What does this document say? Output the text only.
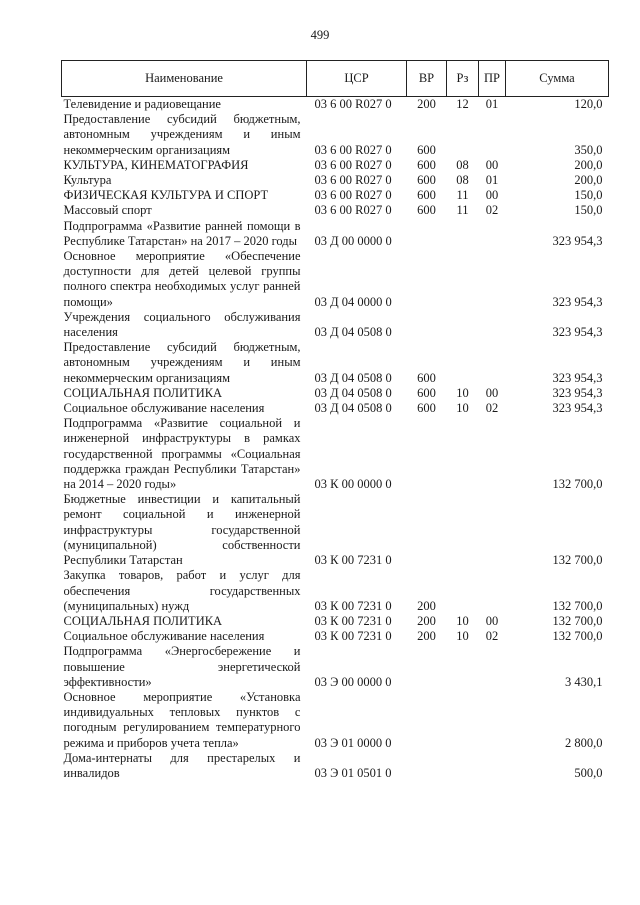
499
Наименование	ЦСР	ВР	Рз	ПР	Сумма
Телевидение и радиовещание	03 6 00 R027 0	200	12	01	120,0
Предоставление субсидий бюджетным, автономным учреждениям и иным некоммерческим организациям	03 6 00 R027 0	600			350,0
КУЛЬТУРА, КИНЕМАТОГРАФИЯ	03 6 00 R027 0	600	08	00	200,0
Культура	03 6 00 R027 0	600	08	01	200,0
ФИЗИЧЕСКАЯ КУЛЬТУРА И СПОРТ	03 6 00 R027 0	600	11	00	150,0
Массовый спорт	03 6 00 R027 0	600	11	02	150,0
Подпрограмма «Развитие ранней помощи в Республике Татарстан» на 2017 – 2020 годы	03 Д 00 0000 0				323 954,3
Основное мероприятие «Обеспечение доступности для детей целевой группы полного спектра необходимых услуг ранней помощи»	03 Д 04 0000 0				323 954,3
Учреждения социального обслуживания населения	03 Д 04 0508 0				323 954,3
Предоставление субсидий бюджетным, автономным учреждениям и иным некоммерческим организациям	03 Д 04 0508 0	600			323 954,3
СОЦИАЛЬНАЯ ПОЛИТИКА	03 Д 04 0508 0	600	10	00	323 954,3
Социальное обслуживание населения	03 Д 04 0508 0	600	10	02	323 954,3
Подпрограмма «Развитие социальной и инженерной инфраструктуры в рамках государственной программы «Социальная поддержка граждан Республики Татарстан» на 2014 – 2020 годы»	03 К 00 0000 0				132 700,0
Бюджетные инвестиции и капитальный ремонт социальной и инженерной инфраструктуры государственной (муниципальной) собственности Республики Татарстан	03 К 00 7231 0				132 700,0
Закупка товаров, работ и услуг для обеспечения государственных (муниципальных) нужд	03 К 00 7231 0	200			132 700,0
СОЦИАЛЬНАЯ ПОЛИТИКА	03 К 00 7231 0	200	10	00	132 700,0
Социальное обслуживание населения	03 К 00 7231 0	200	10	02	132 700,0
Подпрограмма «Энергосбережение и повышение энергетической эффективности»	03 Э 00 0000 0				3 430,1
Основное мероприятие «Установка индивидуальных тепловых пунктов с погодным регулированием температурного режима и приборов учета тепла»	03 Э 01 0000 0				2 800,0
Дома-интернаты для престарелых и инвалидов	03 Э 01 0501 0				500,0
